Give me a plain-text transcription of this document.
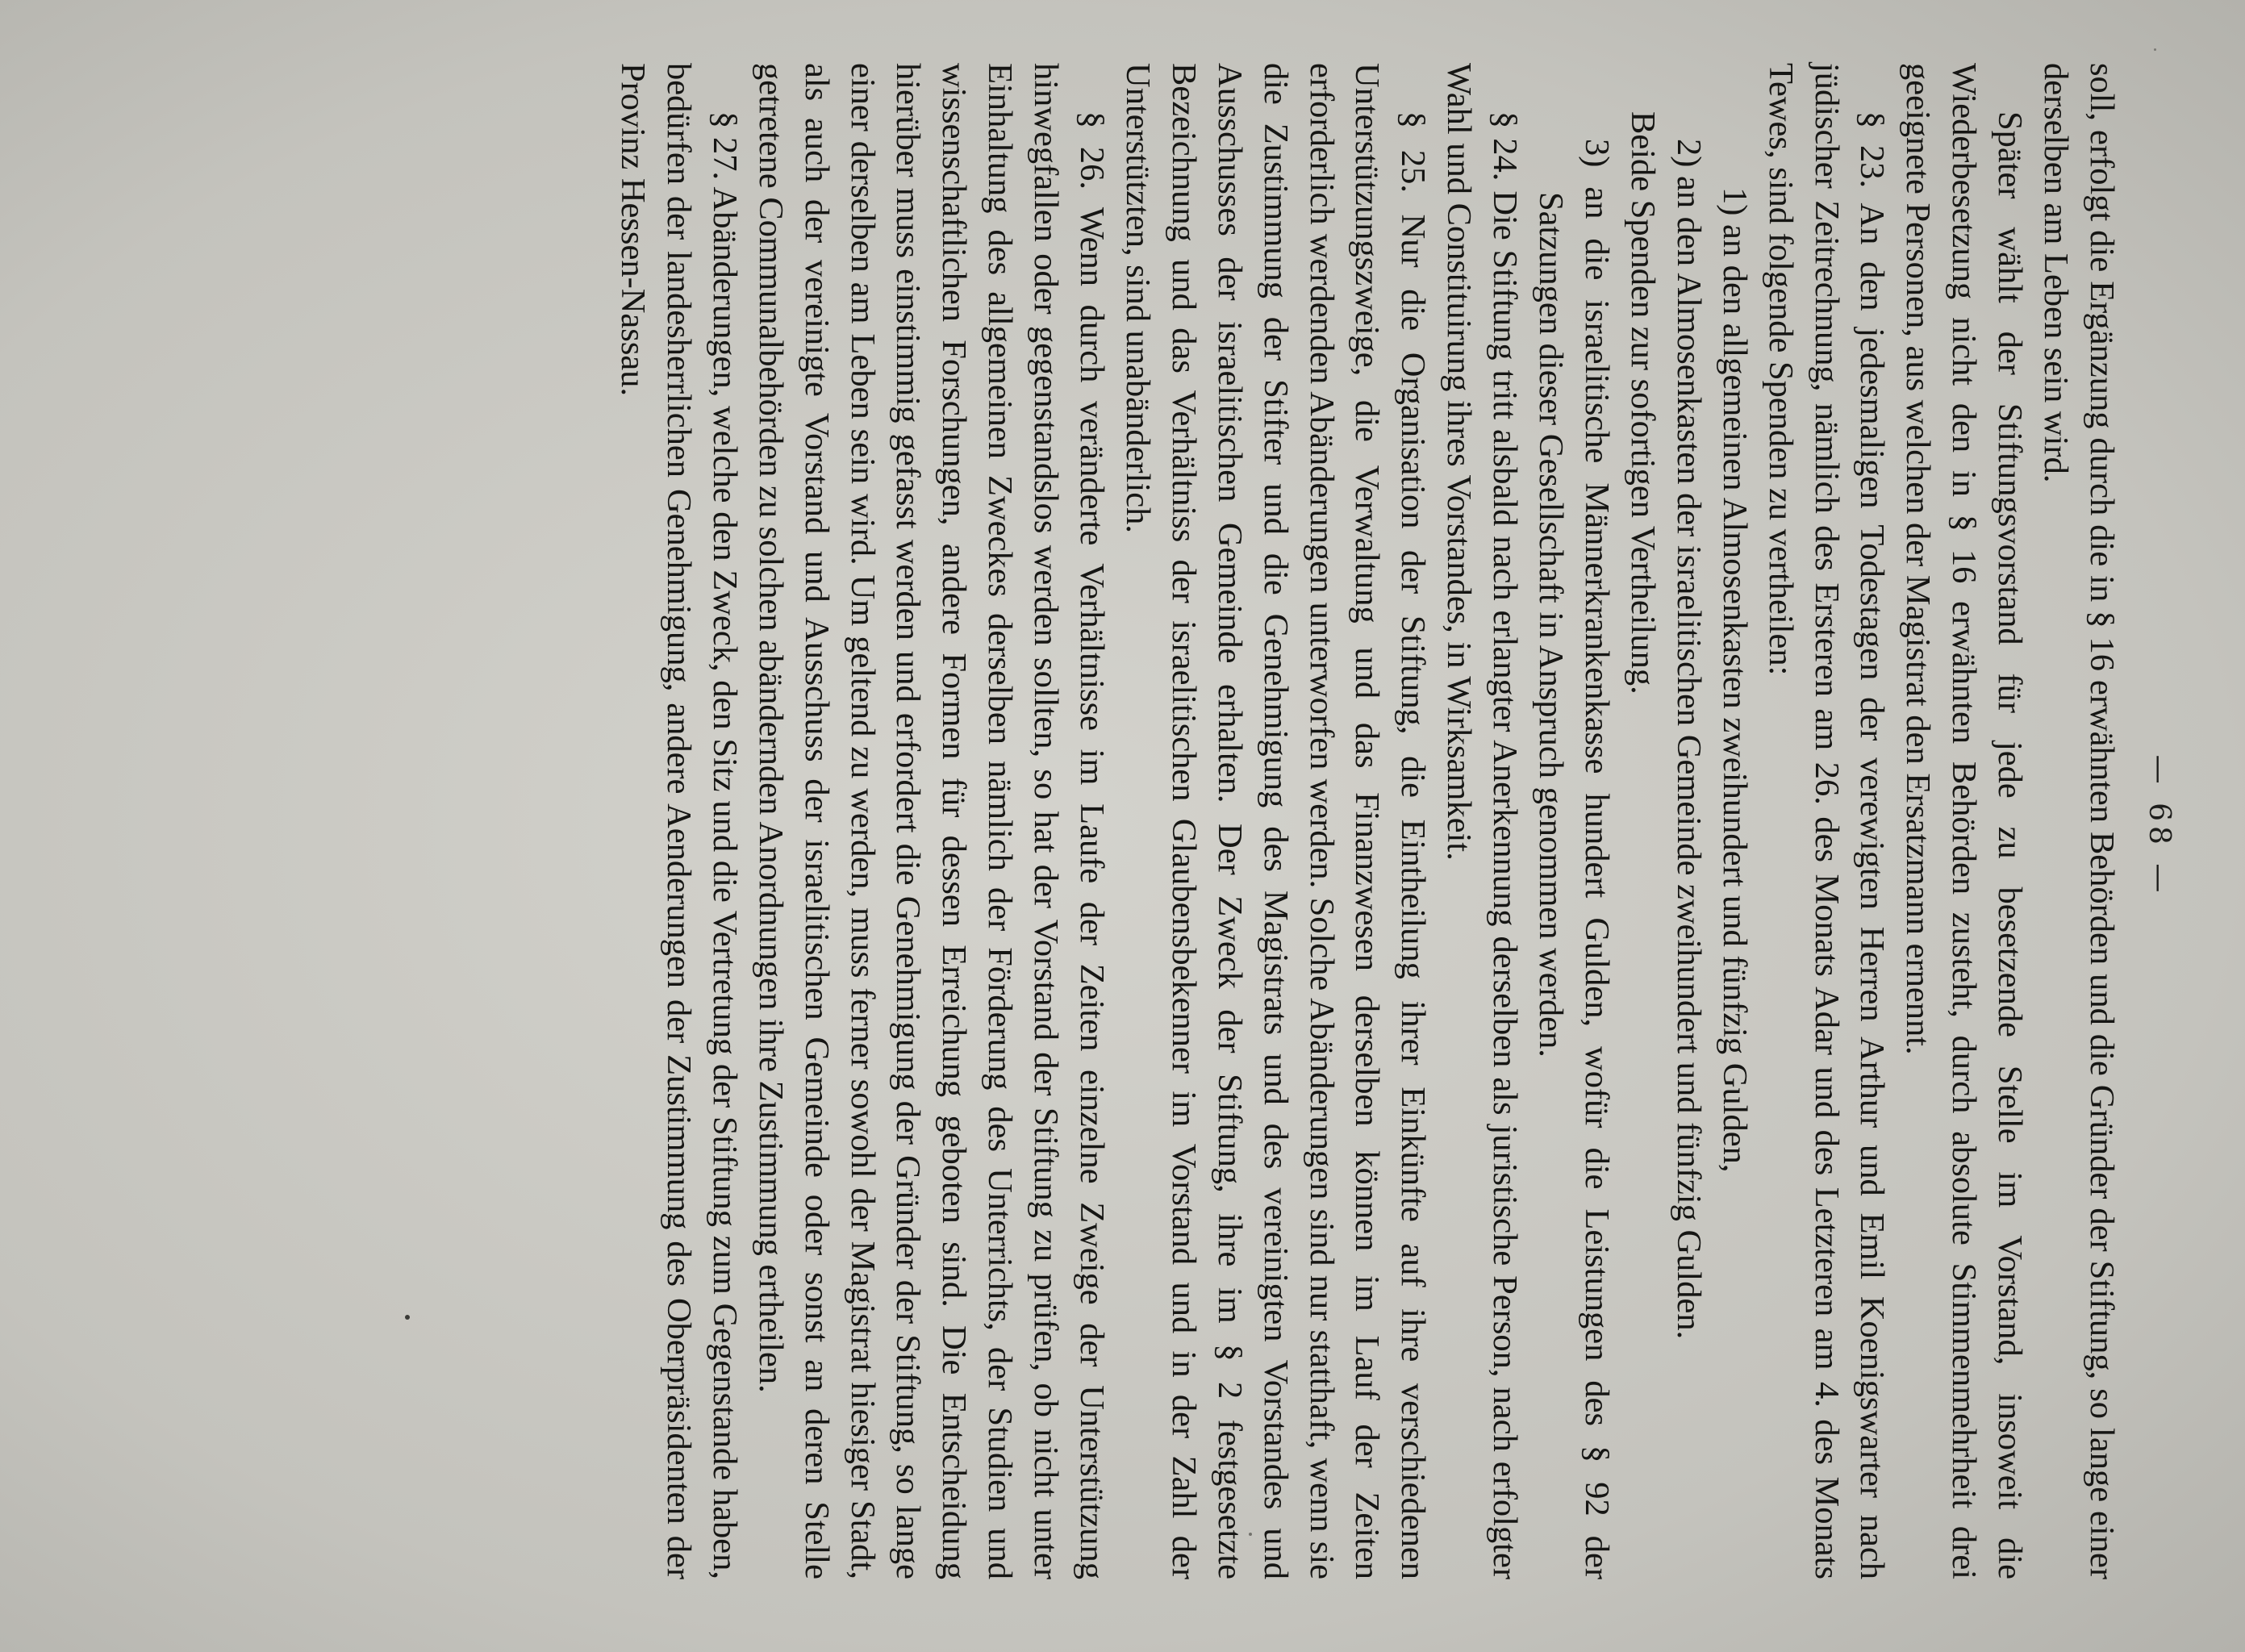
— 68 —

soll, erfolgt die Ergänzung durch die in § 16 erwähnten Behörden und die Gründer der Stiftung, so lange einer derselben am Leben sein wird.

Später wählt der Stiftungsvorstand für jede zu besetzende Stelle im Vorstand, insoweit die Wiederbesetzung nicht den in § 16 erwähnten Behörden zusteht, durch absolute Stimmenmehrheit drei geeignete Personen, aus welchen der Magistrat den Ersatzmann ernennt.

§ 23. An den jedesmaligen Todestagen der verewigten Herren Arthur und Emil Koenigswarter nach jüdischer Zeitrechnung, nämlich des Ersteren am 26. des Monats Adar und des Letzteren am 4. des Monats Tewes, sind folgende Spenden zu vertheilen:

1) an den allgemeinen Almosenkasten zweihundert und fünfzig Gulden,

2) an den Almosenkasten der israelitischen Gemeinde zweihundert und fünfzig Gulden.

Beide Spenden zur sofortigen Vertheilung.

3) an die israelitische Männerkrankenkasse hundert Gulden, wofür die Leistungen des § 92 der Satzungen dieser Gesellschaft in Anspruch genommen werden.

§ 24. Die Stiftung tritt alsbald nach erlangter Anerkennung derselben als juristische Person, nach erfolgter Wahl und Constituirung ihres Vorstandes, in Wirksamkeit.

§ 25. Nur die Organisation der Stiftung, die Eintheilung ihrer Einkünfte auf ihre verschiedenen Unterstützungszweige, die Verwaltung und das Finanzwesen derselben können im Lauf der Zeiten erforderlich werdenden Abänderungen unterworfen werden. Solche Abänderungen sind nur statthaft, wenn sie die Zustimmung der Stifter und die Genehmigung des Magistrats und des vereinigten Vorstandes und Ausschusses der israelitischen Gemeinde erhalten. Der Zweck der Stiftung, ihre im § 2 festgesetzte Bezeichnung und das Verhältniss der israelitischen Glaubensbekenner im Vorstand und in der Zahl der Unterstützten, sind unabänderlich.

§ 26. Wenn durch veränderte Verhältnisse im Laufe der Zeiten einzelne Zweige der Unterstützung hinwegfallen oder gegenstandslos werden sollten, so hat der Vorstand der Stiftung zu prüfen, ob nicht unter Einhaltung des allgemeinen Zweckes derselben nämlich der Förderung des Unterrichts, der Studien und wissenschaftlichen Forschungen, andere Formen für dessen Erreichung geboten sind. Die Entscheidung hierüber muss einstimmig gefasst werden und erfordert die Genehmigung der Gründer der Stiftung, so lange einer derselben am Leben sein wird. Um geltend zu werden, muss ferner sowohl der Magistrat hiesiger Stadt, als auch der vereinigte Vorstand und Ausschuss der israelitischen Gemeinde oder sonst an deren Stelle getretene Communalbehörden zu solchen abändernden Anordnungen ihre Zustimmung ertheilen.

§ 27. Abänderungen, welche den Zweck, den Sitz und die Vertretung der Stiftung zum Gegenstande haben, bedürfen der landesherrlichen Genehmigung, andere Aenderungen der Zustimmung des Oberpräsidenten der Provinz Hessen-Nassau.
